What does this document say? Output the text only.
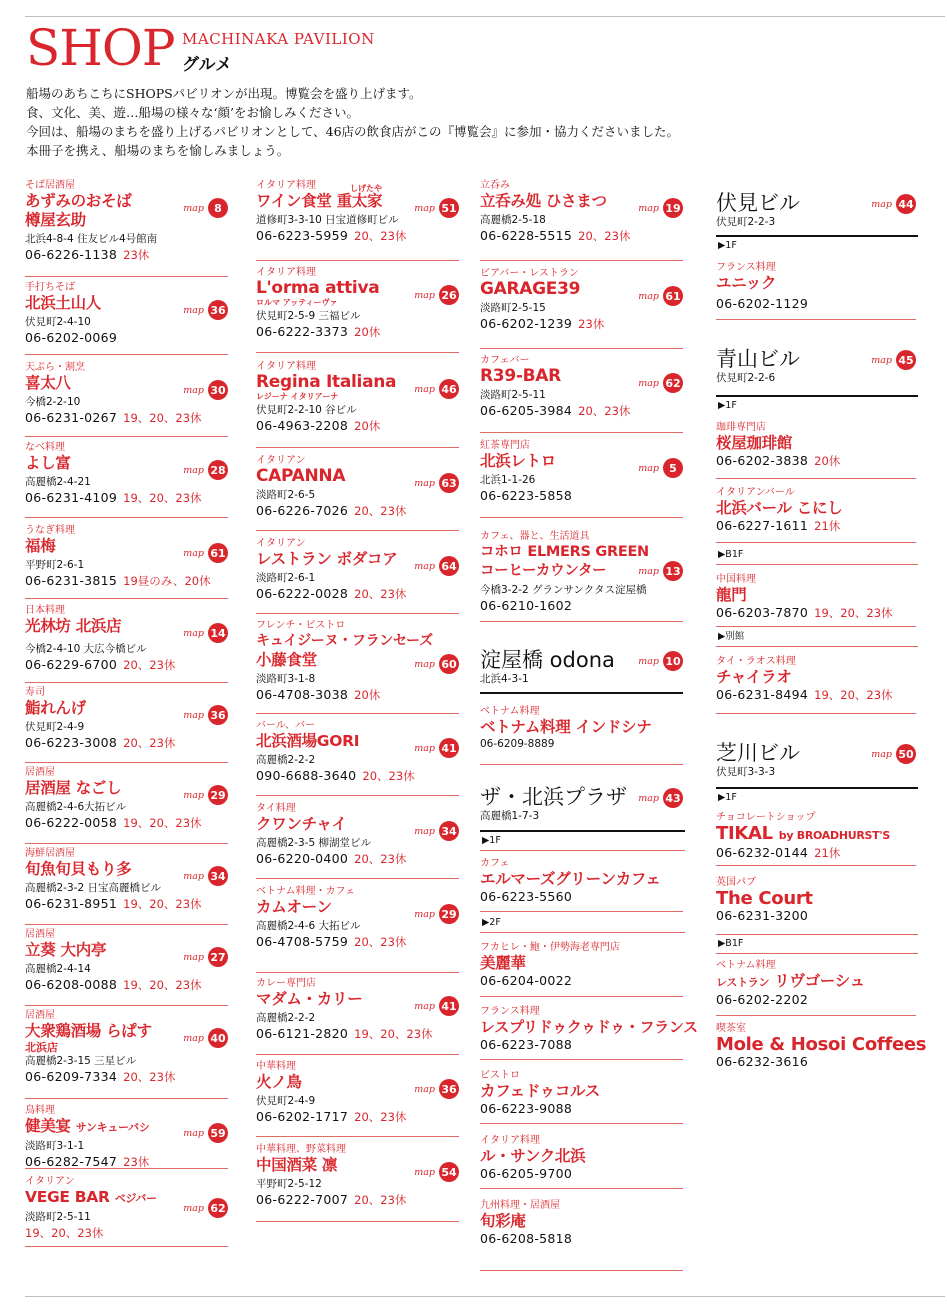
SHOP MACHINAKA PAVILION
グルメ
船場のあちこちにSHOPSパビリオンが出現。博覧会を盛り上げます。
食、文化、美、遊…船場の様々な‘顔’をお愉しみください。
今回は、船場のまちを盛り上げるパビリオンとして、46店の飲食店がこの『博覧会』に参加・協力くださいました。
本冊子を携え、船場のまちを愉しみましょう。
そば居酒屋
あずみのおそば
樽屋玄助
北浜4-8-4 住友ビル4号館南
06-6226-1138 23休
map 8
手打ちそば
北浜土山人
伏見町2-4-10
06-6202-0069
map 36
天ぷら・割烹
喜太八
今橋2-2-10
06-6231-0267 19、20、23休
map 30
なべ料理
よし富
高麗橋2-4-21
06-6231-4109 19、20、23休
map 28
うなぎ料理
福梅
平野町2-6-1
06-6231-3815 19昼のみ、20休
map 61
日本料理
光林坊 北浜店
今橋2-4-10 大広今橋ビル
06-6229-6700 20、23休
map 14
寿司
鮨れんげ
伏見町2-4-9
06-6223-3008 20、23休
map 36
居酒屋
居酒屋 なごし
高麗橋2-4-6大拓ビル
06-6222-0058 19、20、23休
map 29
海鮮居酒屋
旬魚旬貝もり多
高麗橋2-3-2 日宝高麗橋ビル
06-6231-8951 19、20、23休
map 34
居酒屋
立葵 大内亭
高麗橋2-4-14
06-6208-0088 19、20、23休
map 27
居酒屋
大衆鶏酒場 らぱす
北浜店
高麗橋2-3-15 三星ビル
06-6209-7334 20、23休
map 40
鳥料理
健美宴 サンキューバシ
淡路町3-1-1
06-6282-7547 23休
map 59
イタリアン
VEGE BAR ベジバー
淡路町2-5-11
19、20、23休
map 62
イタリア料理	しげたや
ワイン食堂 重太家
道修町3-3-10 日宝道修町ビル
06-6223-5959 20、23休
map 51
イタリア料理
L'orma attiva
ロルマ アッティーヴァ
伏見町2-5-9 三福ビル
06-6222-3373 20休
map 26
イタリア料理
Regina Italiana
レジーナ イタリアーナ
伏見町2-2-10 谷ビル
06-4963-2208 20休
map 46
イタリアン
CAPANNA
淡路町2-6-5
06-6226-7026 20、23休
map 63
イタリアン
レストラン ボダコア
淡路町2-6-1
06-6222-0028 20、23休
map 64
フレンチ・ビストロ
キュイジーヌ・フランセーズ
小藤食堂
淡路町3-1-8
06-4708-3038 20休
map 60
バール、バー
北浜酒場GORI
高麗橋2-2-2
090-6688-3640 20、23休
map 41
タイ料理
クワンチャイ
高麗橋2-3-5 柳湖堂ビル
06-6220-0400 20、23休
map 34
ベトナム料理・カフェ
カムオーン
高麗橋2-4-6 大拓ビル
06-4708-5759 20、23休
map 29
カレー専門店
マダム・カリー
高麗橋2-2-2
06-6121-2820 19、20、23休
map 41
中華料理
火ノ鳥
伏見町2-4-9
06-6202-1717 20、23休
map 36
中華料理、野菜料理
中国酒菜 凛
平野町2-5-12
06-6222-7007 20、23休
map 54
立呑み
立呑み処 ひさまつ
高麗橋2-5-18
06-6228-5515 20、23休
map 19
ビアバー・レストラン
GARAGE39
淡路町2-5-15
06-6202-1239 23休
map 61
カフェバー
R39-BAR
淡路町2-5-11
06-6205-3984 20、23休
map 62
紅茶専門店
北浜レトロ
北浜1-1-26
06-6223-5858
map 5
カフェ、器と、生活道具
コホロ ELMERS GREEN
コーヒーカウンター
今橋3-2-2 グランサンクタス淀屋橋
06-6210-1602
map 13
淀屋橋 odona
北浜4-3-1
map 10
ベトナム料理
ベトナム料理 インドシナ
06-6209-8889
ザ・北浜プラザ
高麗橋1-7-3
map 43
▶1F
カフェ
エルマーズグリーンカフェ
06-6223-5560
▶2F
フカヒレ・鮑・伊勢海老専門店
美麗華
06-6204-0022
フランス料理
レスプリドゥクゥドゥ・フランス
06-6223-7088
ビストロ
カフェドゥコルス
06-6223-9088
イタリア料理
ル・サンク北浜
06-6205-9700
九州料理・居酒屋
旬彩庵
06-6208-5818
伏見ビル
伏見町2-2-3
map 44
▶1F
フランス料理
ユニック
06-6202-1129
青山ビル
伏見町2-2-6
map 45
▶1F
珈琲専門店
桜屋珈琲館
06-6202-3838 20休
イタリアンバール
北浜バール こにし
06-6227-1611 21休
▶B1F
中国料理
龍門
06-6203-7870 19、20、23休
▶別館
タイ・ラオス料理
チャイラオ
06-6231-8494 19、20、23休
芝川ビル
伏見町3-3-3
map 50
▶1F
チョコレートショップ
TIKAL by BROADHURST'S
06-6232-0144 21休
英国パブ
The Court
06-6231-3200
▶B1F
ベトナム料理
レストラン リヴゴーシュ
06-6202-2202
喫茶室
Mole & Hosoi Coffees
06-6232-3616
